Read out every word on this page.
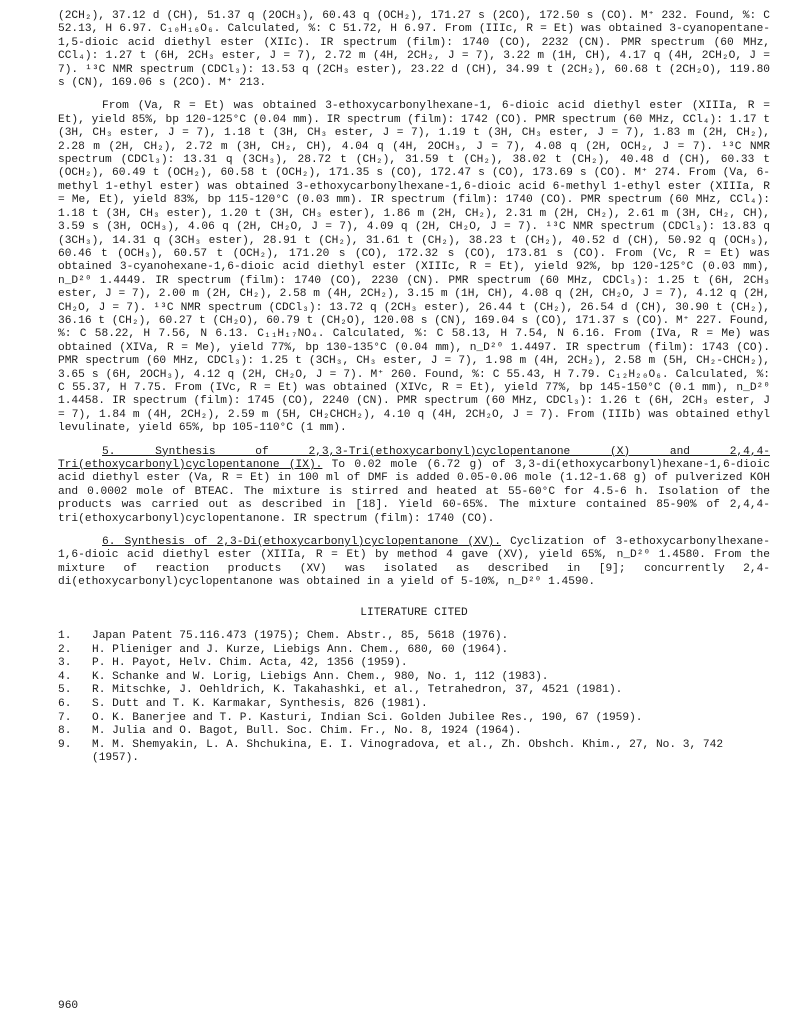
(2CH₂), 37.12 d (CH), 51.37 q (2OCH₃), 60.43 q (OCH₂), 171.27 s (2CO), 172.50 s (CO). M⁺ 232. Found, %: C 52.13, H 6.97. C₁₀H₁₆O₆. Calculated, %: C 51.72, H 6.97. From (IIIc, R = Et) was obtained 3-cyanopentane-1,5-dioic acid diethyl ester (XIIc). IR spectrum (film): 1740 (CO), 2232 (CN). PMR spectrum (60 MHz, CCl₄): 1.27 t (6H, 2CH₃ ester, J = 7), 2.72 m (4H, 2CH₂, J = 7), 3.22 m (1H, CH), 4.17 q (4H, 2CH₂O, J = 7). ¹³C NMR spectrum (CDCl₃): 13.53 q (2CH₃ ester), 23.22 d (CH), 34.99 t (2CH₂), 60.68 t (2CH₂O), 119.80 s (CN), 169.06 s (2CO). M⁺ 213.

From (Va, R = Et) was obtained 3-ethoxycarbonylhexane-1, 6-dioic acid diethyl ester (XIIIa, R = Et), yield 85%, bp 120-125°C (0.04 mm). IR spectrum (film): 1742 (CO). PMR spectrum (60 MHz, CCl₄): 1.17 t (3H, CH₃ ester, J = 7), 1.18 t (3H, CH₃ ester, J = 7), 1.19 t (3H, CH₃ ester, J = 7), 1.83 m (2H, CH₂), 2.28 m (2H, CH₂), 2.72 m (3H, CH₂, CH), 4.04 q (4H, 2OCH₃, J = 7), 4.08 q (2H, OCH₂, J = 7). ¹³C NMR spectrum (CDCl₃): 13.31 q (3CH₃), 28.72 t (CH₂), 31.59 t (CH₂), 38.02 t (CH₂), 40.48 d (CH), 60.33 t (OCH₂), 60.49 t (OCH₂), 60.58 t (OCH₂), 171.35 s (CO), 172.47 s (CO), 173.69 s (CO). M⁺ 274. From (Va, 6-methyl 1-ethyl ester) was obtained 3-ethoxycarbonylhexane-1,6-dioic acid 6-methyl 1-ethyl ester (XIIIa, R = Me, Et), yield 83%, bp 115-120°C (0.03 mm). IR spectrum (film): 1740 (CO). PMR spectrum (60 MHz, CCl₄): 1.18 t (3H, CH₃ ester), 1.20 t (3H, CH₃ ester), 1.86 m (2H, CH₂), 2.31 m (2H, CH₂), 2.61 m (3H, CH₂, CH), 3.59 s (3H, OCH₃), 4.06 q (2H, CH₂O, J = 7), 4.09 q (2H, CH₂O, J = 7). ¹³C NMR spectrum (CDCl₃): 13.83 q (3CH₃), 14.31 q (3CH₃ ester), 28.91 t (CH₂), 31.61 t (CH₂), 38.23 t (CH₂), 40.52 d (CH), 50.92 q (OCH₃), 60.46 t (OCH₃), 60.57 t (OCH₂), 171.20 s (CO), 172.32 s (CO), 173.81 s (CO). From (Vc, R = Et) was obtained 3-cyanohexane-1,6-dioic acid diethyl ester (XIIIc, R = Et), yield 92%, bp 120-125°C (0.03 mm), n_D²⁰ 1.4449. IR spectrum (film): 1740 (CO), 2230 (CN). PMR spectrum (60 MHz, CDCl₃): 1.25 t (6H, 2CH₃ ester, J = 7), 2.00 m (2H, CH₂), 2.58 m (4H, 2CH₂), 3.15 m (1H, CH), 4.08 q (2H, CH₂O, J = 7), 4.12 q (2H, CH₂O, J = 7). ¹³C NMR spectrum (CDCl₃): 13.72 q (2CH₃ ester), 26.44 t (CH₂), 26.54 d (CH), 30.90 t (CH₂), 36.16 t (CH₂), 60.27 t (CH₂O), 60.79 t (CH₂O), 120.08 s (CN), 169.04 s (CO), 171.37 s (CO). M⁺ 227. Found, %: C 58.22, H 7.56, N 6.13. C₁₁H₁₇NO₄. Calculated, %: C 58.13, H 7.54, N 6.16. From (IVa, R = Me) was obtained (XIVa, R = Me), yield 77%, bp 130-135°C (0.04 mm), n_D²⁰ 1.4497. IR spectrum (film): 1743 (CO). PMR spectrum (60 MHz, CDCl₃): 1.25 t (3CH₃, CH₃ ester, J = 7), 1.98 m (4H, 2CH₂), 2.58 m (5H, CH₂-CHCH₂), 3.65 s (6H, 2OCH₃), 4.12 q (2H, CH₂O, J = 7). M⁺ 260. Found, %: C 55.43, H 7.79. C₁₂H₂₀O₆. Calculated, %: C 55.37, H 7.75. From (IVc, R = Et) was obtained (XIVc, R = Et), yield 77%, bp 145-150°C (0.1 mm), n_D²⁰ 1.4458. IR spectrum (film): 1745 (CO), 2240 (CN). PMR spectrum (60 MHz, CDCl₃): 1.26 t (6H, 2CH₃ ester, J = 7), 1.84 m (4H, 2CH₂), 2.59 m (5H, CH₂CHCH₂), 4.10 q (4H, 2CH₂O, J = 7). From (IIIb) was obtained ethyl levulinate, yield 65%, bp 105-110°C (1 mm).

5. Synthesis of 2,3,3-Tri(ethoxycarbonyl)cyclopentanone (X) and 2,4,4-Tri(ethoxycarbonyl)cyclopentanone (IX). To 0.02 mole (6.72 g) of 3,3-di(ethoxycarbonyl)hexane-1,6-dioic acid diethyl ester (Va, R = Et) in 100 ml of DMF is added 0.05-0.06 mole (1.12-1.68 g) of pulverized KOH and 0.0002 mole of BTEAC. The mixture is stirred and heated at 55-60°C for 4.5-6 h. Isolation of the products was carried out as described in [18]. Yield 60-65%. The mixture contained 85-90% of 2,4,4-tri(ethoxycarbonyl)cyclopentanone. IR spectrum (film): 1740 (CO).

6. Synthesis of 2,3-Di(ethoxycarbonyl)cyclopentanone (XV). Cyclization of 3-ethoxycarbonylhexane-1,6-dioic acid diethyl ester (XIIIa, R = Et) by method 4 gave (XV), yield 65%, n_D²⁰ 1.4580. From the mixture of reaction products (XV) was isolated as described in [9]; concurrently 2,4-di(ethoxycarbonyl)cyclopentanone was obtained in a yield of 5-10%, n_D²⁰ 1.4590.

LITERATURE CITED

1.	Japan Patent 75.116.473 (1975); Chem. Abstr., 85, 5618 (1976).
2.	H. Plieniger and J. Kurze, Liebigs Ann. Chem., 680, 60 (1964).
3.	P. H. Payot, Helv. Chim. Acta, 42, 1356 (1959).
4.	K. Schanke and W. Lorig, Liebigs Ann. Chem., 980, No. 1, 112 (1983).
5.	R. Mitschke, J. Oehldrich, K. Takahashki, et al., Tetrahedron, 37, 4521 (1981).
6.	S. Dutt and T. K. Karmakar, Synthesis, 826 (1981).
7.	O. K. Banerjee and T. P. Kasturi, Indian Sci. Golden Jubilee Res., 190, 67 (1959).
8.	M. Julia and O. Bagot, Bull. Soc. Chim. Fr., No. 8, 1924 (1964).
9.	M. M. Shemyakin, L. A. Shchukina, E. I. Vinogradova, et al., Zh. Obshch. Khim., 27, No. 3, 742 (1957).
960
